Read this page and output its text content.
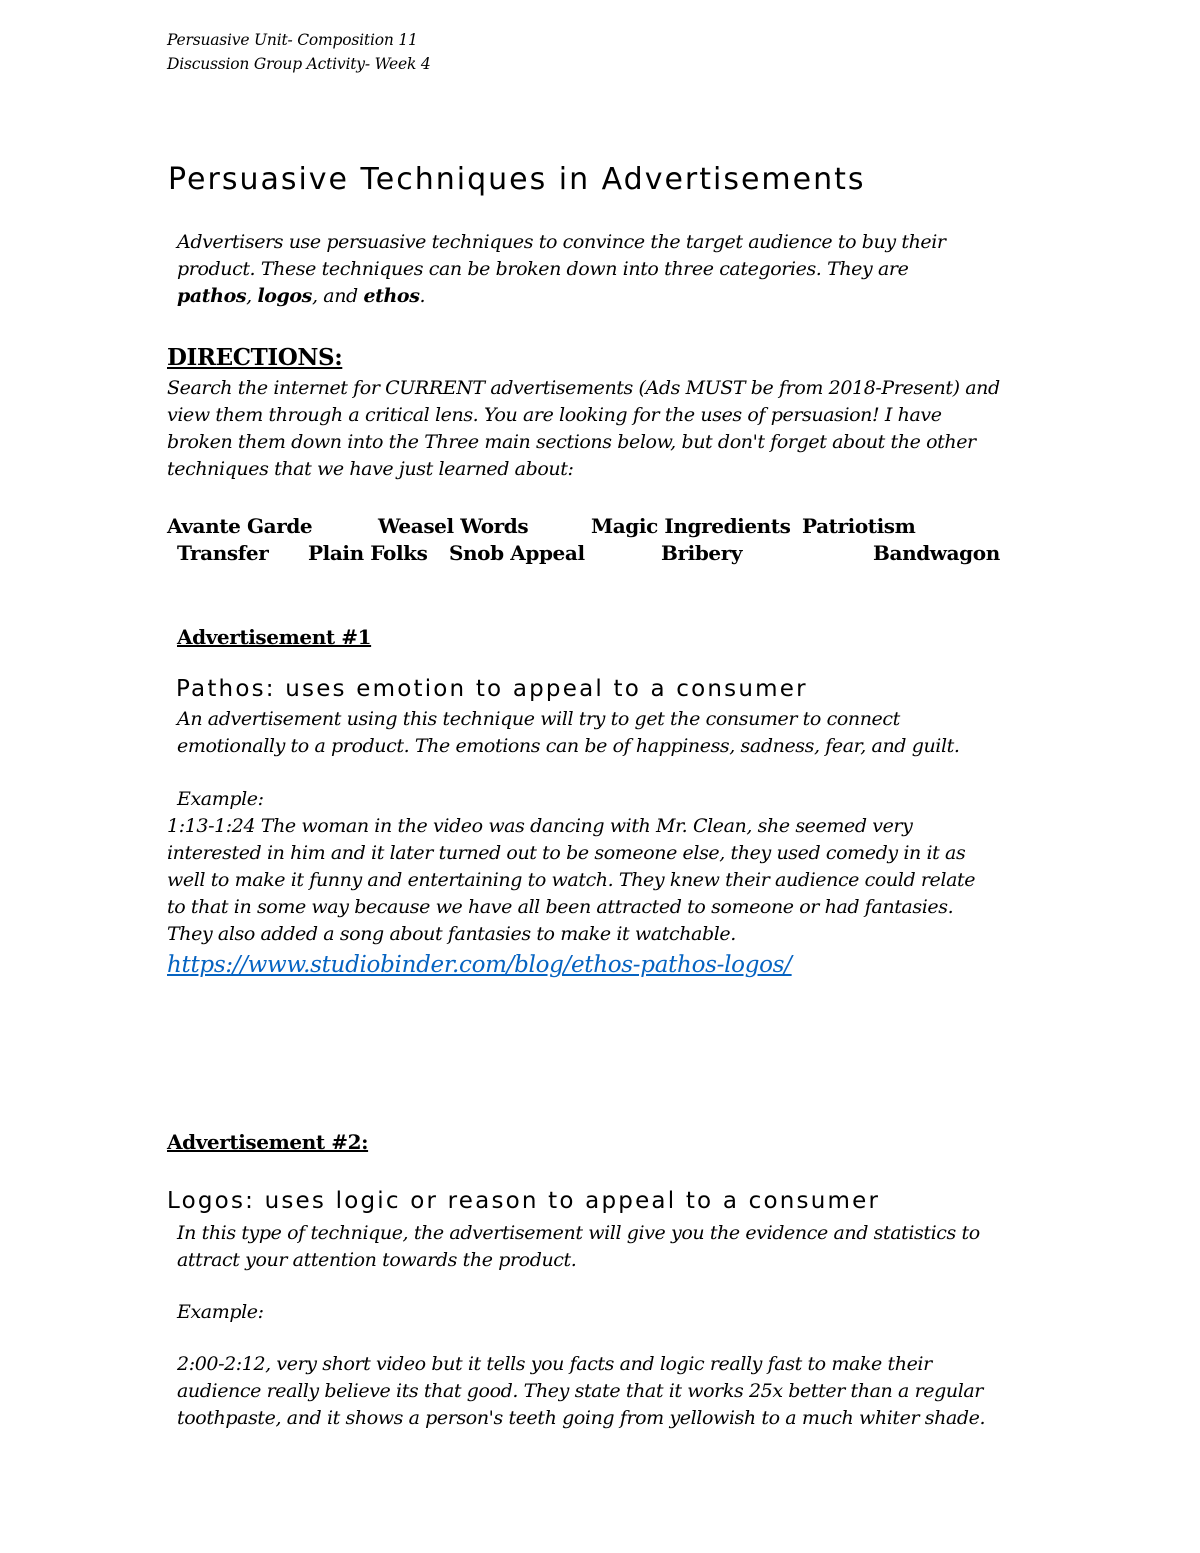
Persuasive Unit- Composition 11
Discussion Group Activity- Week 4
Persuasive Techniques in Advertisements
Advertisers use persuasive techniques to convince the target audience to buy their
product. These techniques can be broken down into three categories. They are
pathos, logos, and ethos.
DIRECTIONS:
Search the internet for CURRENT advertisements (Ads MUST be from 2018-Present) and
view them through a critical lens. You are looking for the uses of persuasion! I have
broken them down into the Three main sections below, but don't forget about the other
techniques that we have just learned about:
Avante Garde	Weasel Words	Magic Ingredients Patriotism
Transfer Plain Folks Snob Appeal	Bribery	Bandwagon
Advertisement #1
Pathos: uses emotion to appeal to a consumer
An advertisement using this technique will try to get the consumer to connect
emotionally to a product. The emotions can be of happiness, sadness, fear, and guilt.
Example:
1:13-1:24 The woman in the video was dancing with Mr. Clean, she seemed very
interested in him and it later turned out to be someone else, they used comedy in it as
well to make it funny and entertaining to watch. They knew their audience could relate
to that in some way because we have all been attracted to someone or had fantasies.
They also added a song about fantasies to make it watchable.
https://www.studiobinder.com/blog/ethos-pathos-logos/
Advertisement #2:
Logos: uses logic or reason to appeal to a consumer
In this type of technique, the advertisement will give you the evidence and statistics to
attract your attention towards the product.
Example:
2:00-2:12, very short video but it tells you facts and logic really fast to make their
audience really believe its that good. They state that it works 25x better than a regular
toothpaste, and it shows a person's teeth going from yellowish to a much whiter shade.
